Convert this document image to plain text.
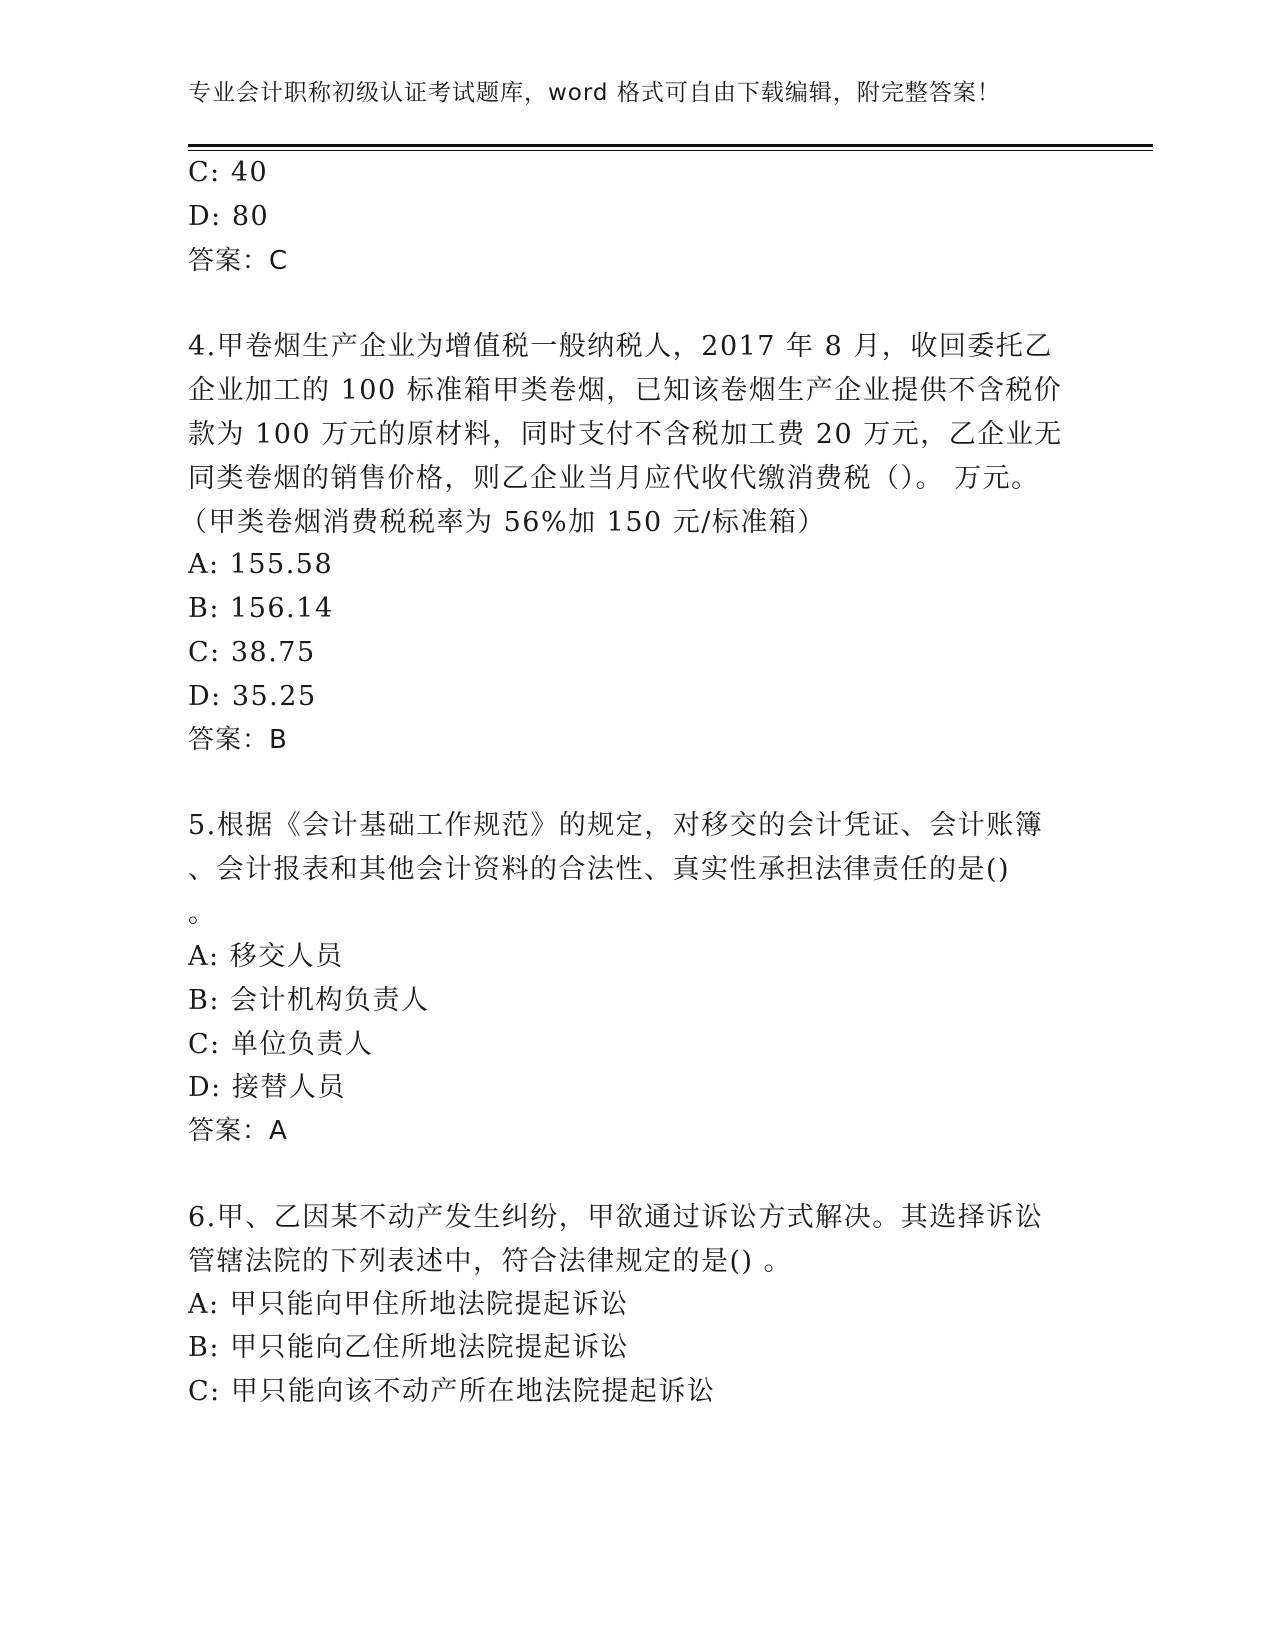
专业会计职称初级认证考试题库，word 格式可自由下载编辑，附完整答案！
C: 40
D: 80
答案：C
4.甲卷烟生产企业为增值税一般纳税人，2017 年 8 月，收回委托乙
企业加工的 100 标准箱甲类卷烟，已知该卷烟生产企业提供不含税价
款为 100 万元的原材料，同时支付不含税加工费 20 万元，乙企业无
同类卷烟的销售价格，则乙企业当月应代收代缴消费税（）。 万元。
（甲类卷烟消费税税率为 56%加 150 元/标准箱）
A: 155.58
B: 156.14
C: 38.75
D: 35.25
答案：B
5.根据《会计基础工作规范》的规定，对移交的会计凭证、会计账簿
、会计报表和其他会计资料的合法性、真实性承担法律责任的是()
。
A: 移交人员
B: 会计机构负责人
C: 单位负责人
D: 接替人员
答案：A
6.甲、乙因某不动产发生纠纷，甲欲通过诉讼方式解决。其选择诉讼
管辖法院的下列表述中，符合法律规定的是() 。
A: 甲只能向甲住所地法院提起诉讼
B: 甲只能向乙住所地法院提起诉讼
C: 甲只能向该不动产所在地法院提起诉讼
